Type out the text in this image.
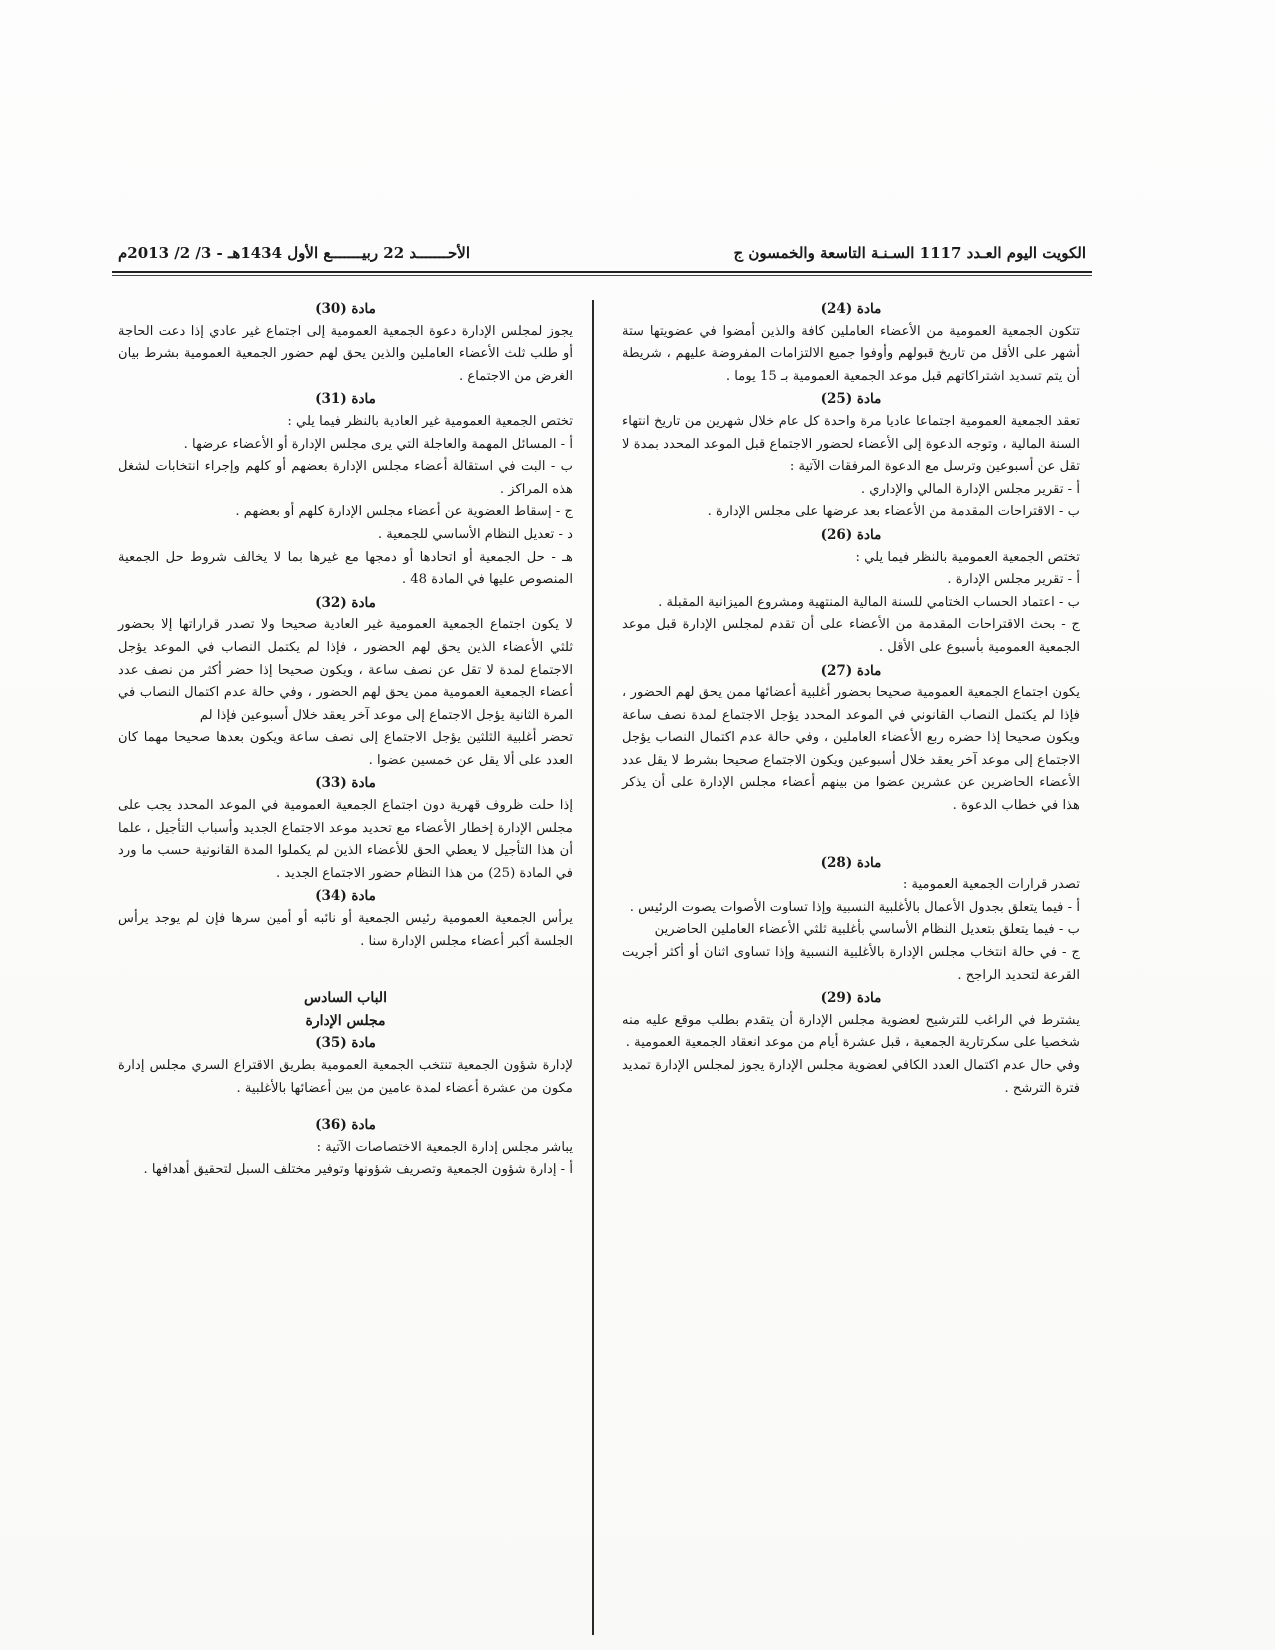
الكويت اليوم العـدد 1117 السـنـة التاسعة والخمسون ج
الأحـــــــد 22 ربيـــــــع الأول 1434هـ - 3/ 2/ 2013م
مادة (24)

تتكون الجمعية العمومية من الأعضاء العاملين كافة والذين أمضوا في عضويتها ستة أشهر على الأقل من تاريخ قبولهم وأوفوا جميع الالتزامات المفروضة عليهم ، شريطة أن يتم تسديد اشتراكاتهم قبل موعد الجمعية العمومية بـ 15 يوما .

مادة (25)

تعقد الجمعية العمومية اجتماعا عاديا مرة واحدة كل عام خلال شهرين من تاريخ انتهاء السنة المالية ، وتوجه الدعوة إلى الأعضاء لحضور الاجتماع قبل الموعد المحدد بمدة لا تقل عن أسبوعين وترسل مع الدعوة المرفقات الآتية :

أ - تقرير مجلس الإدارة المالي والإداري .

ب - الاقتراحات المقدمة من الأعضاء بعد عرضها على مجلس الإدارة .

مادة (26)

تختص الجمعية العمومية بالنظر فيما يلي :

أ - تقرير مجلس الإدارة .

ب - اعتماد الحساب الختامي للسنة المالية المنتهية ومشروع الميزانية المقبلة .

ج - بحث الاقتراحات المقدمة من الأعضاء على أن تقدم لمجلس الإدارة قبل موعد الجمعية العمومية بأسبوع على الأقل .

مادة (27)

يكون اجتماع الجمعية العمومية صحيحا بحضور أغلبية أعضائها ممن يحق لهم الحضور ، فإذا لم يكتمل النصاب القانوني في الموعد المحدد يؤجل الاجتماع لمدة نصف ساعة ويكون صحيحا إذا حضره ربع الأعضاء العاملين ، وفي حالة عدم اكتمال النصاب يؤجل الاجتماع إلى موعد آخر يعقد خلال أسبوعين ويكون الاجتماع صحيحا بشرط لا يقل عدد الأعضاء الحاضرين عن عشرين عضوا من بينهم أعضاء مجلس الإدارة على أن يذكر هذا في خطاب الدعوة .

مادة (28)

تصدر قرارات الجمعية العمومية :

أ - فيما يتعلق بجدول الأعمال بالأغلبية النسبية وإذا تساوت الأصوات يصوت الرئيس .

ب - فيما يتعلق بتعديل النظام الأساسي بأغلبية ثلثي الأعضاء العاملين الحاضرين

ج - في حالة انتخاب مجلس الإدارة بالأغلبية النسبية وإذا تساوى اثنان أو أكثر أجريت القرعة لتحديد الراجح .

مادة (29)

يشترط في الراغب للترشيح لعضوية مجلس الإدارة أن يتقدم بطلب موقع عليه منه شخصيا على سكرتارية الجمعية ، قبل عشرة أيام من موعد انعقاد الجمعية العمومية .

وفي حال عدم اكتمال العدد الكافي لعضوية مجلس الإدارة يجوز لمجلس الإدارة تمديد فترة الترشح .

مادة (30)

يجوز لمجلس الإدارة دعوة الجمعية العمومية إلى اجتماع غير عادي إذا دعت الحاجة أو طلب ثلث الأعضاء العاملين والذين يحق لهم حضور الجمعية العمومية بشرط بيان الغرض من الاجتماع .

مادة (31)

تختص الجمعية العمومية غير العادية بالنظر فيما يلي :

أ - المسائل المهمة والعاجلة التي يرى مجلس الإدارة أو الأعضاء عرضها .

ب - البت في استقالة أعضاء مجلس الإدارة بعضهم أو كلهم وإجراء انتخابات لشغل هذه المراكز .

ج - إسقاط العضوية عن أعضاء مجلس الإدارة كلهم أو بعضهم .

د - تعديل النظام الأساسي للجمعية .

هـ - حل الجمعية أو اتحادها أو دمجها مع غيرها بما لا يخالف شروط حل الجمعية المنصوص عليها في المادة 48 .

مادة (32)

لا يكون اجتماع الجمعية العمومية غير العادية صحيحا ولا تصدر قراراتها إلا بحضور ثلثي الأعضاء الذين يحق لهم الحضور ، فإذا لم يكتمل النصاب في الموعد يؤجل الاجتماع لمدة لا تقل عن نصف ساعة ، ويكون صحيحا إذا حضر أكثر من نصف عدد أعضاء الجمعية العمومية ممن يحق لهم الحضور ، وفي حالة عدم اكتمال النصاب في المرة الثانية يؤجل الاجتماع إلى موعد آخر يعقد خلال أسبوعين فإذا لم

تحضر أغلبية الثلثين يؤجل الاجتماع إلى نصف ساعة ويكون بعدها صحيحا مهما كان العدد على ألا يقل عن خمسين عضوا .

مادة (33)

إذا حلت ظروف قهرية دون اجتماع الجمعية العمومية في الموعد المحدد يجب على مجلس الإدارة إخطار الأعضاء مع تحديد موعد الاجتماع الجديد وأسباب التأجيل ، علما أن هذا التأجيل لا يعطي الحق للأعضاء الذين لم يكملوا المدة القانونية حسب ما ورد في المادة (25) من هذا النظام حضور الاجتماع الجديد .

مادة (34)

يرأس الجمعية العمومية رئيس الجمعية أو نائبه أو أمين سرها فإن لم يوجد يرأس الجلسة أكبر أعضاء مجلس الإدارة سنا .

الباب السادس
مجلس الإدارة
مادة (35)

لإدارة شؤون الجمعية تنتخب الجمعية العمومية بطريق الاقتراع السري مجلس إدارة مكون من عشرة أعضاء لمدة عامين من بين أعضائها بالأغلبية .

مادة (36)

يباشر مجلس إدارة الجمعية الاختصاصات الآتية :

أ - إدارة شؤون الجمعية وتصريف شؤونها وتوفير مختلف السبل لتحقيق أهدافها .
